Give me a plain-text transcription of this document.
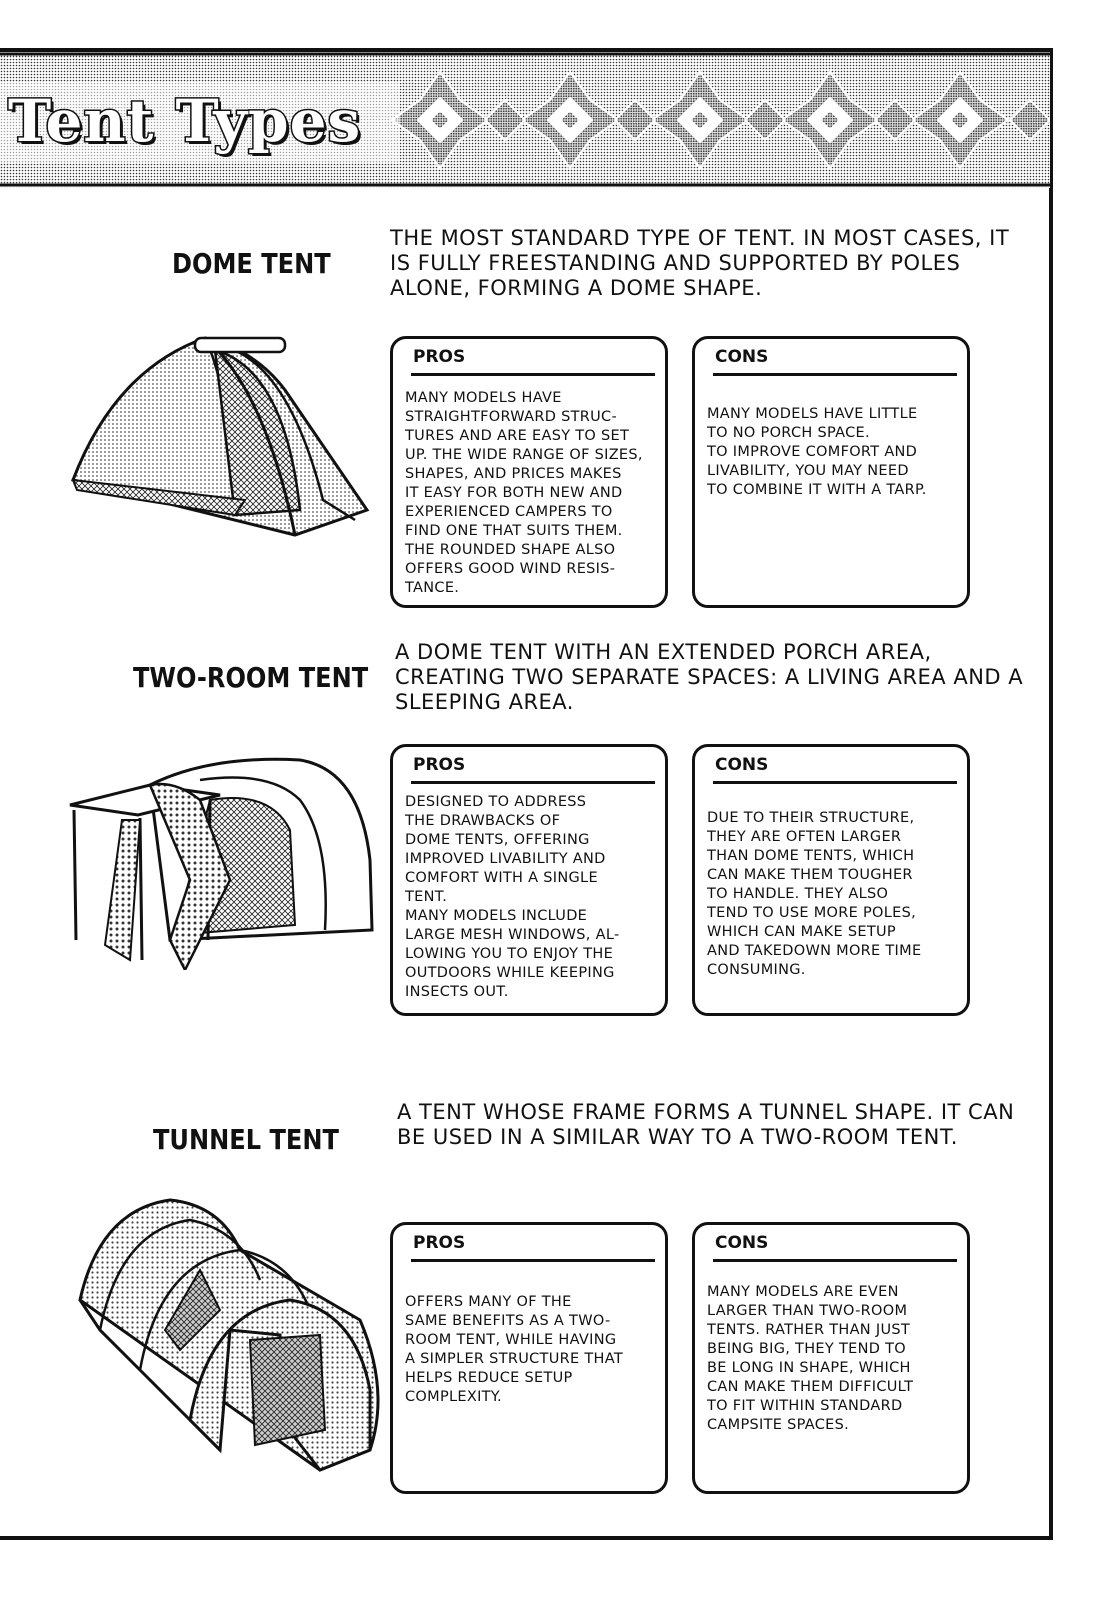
Tent Types
DOME TENT

THE MOST STANDARD TYPE OF TENT. IN MOST CASES, IT IS FULLY FREESTANDING AND SUPPORTED BY POLES ALONE, FORMING A DOME SHAPE.

PROS
MANY MODELS HAVE
STRAIGHTFORWARD STRUC-
TURES AND ARE EASY TO SET
UP. THE WIDE RANGE OF SIZES,
SHAPES, AND PRICES MAKES
IT EASY FOR BOTH NEW AND
EXPERIENCED CAMPERS TO
FIND ONE THAT SUITS THEM.
THE ROUNDED SHAPE ALSO
OFFERS GOOD WIND RESIS-
TANCE.
CONS
MANY MODELS HAVE LITTLE
TO NO PORCH SPACE.
TO IMPROVE COMFORT AND
LIVABILITY, YOU MAY NEED
TO COMBINE IT WITH A TARP.
TWO-ROOM TENT

A DOME TENT WITH AN EXTENDED PORCH AREA, CREATING TWO SEPARATE SPACES: A LIVING AREA AND A SLEEPING AREA.

PROS
DESIGNED TO ADDRESS
THE DRAWBACKS OF
DOME TENTS, OFFERING
IMPROVED LIVABILITY AND
COMFORT WITH A SINGLE
TENT.
MANY MODELS INCLUDE
LARGE MESH WINDOWS, AL-
LOWING YOU TO ENJOY THE
OUTDOORS WHILE KEEPING
INSECTS OUT.
CONS
DUE TO THEIR STRUCTURE,
THEY ARE OFTEN LARGER
THAN DOME TENTS, WHICH
CAN MAKE THEM TOUGHER
TO HANDLE. THEY ALSO
TEND TO USE MORE POLES,
WHICH CAN MAKE SETUP
AND TAKEDOWN MORE TIME
CONSUMING.
TUNNEL TENT

A TENT WHOSE FRAME FORMS A TUNNEL SHAPE. IT CAN BE USED IN A SIMILAR WAY TO A TWO-ROOM TENT.

PROS
OFFERS MANY OF THE
SAME BENEFITS AS A TWO-
ROOM TENT, WHILE HAVING
A SIMPLER STRUCTURE THAT
HELPS REDUCE SETUP
COMPLEXITY.
CONS
MANY MODELS ARE EVEN
LARGER THAN TWO-ROOM
TENTS. RATHER THAN JUST
BEING BIG, THEY TEND TO
BE LONG IN SHAPE, WHICH
CAN MAKE THEM DIFFICULT
TO FIT WITHIN STANDARD
CAMPSITE SPACES.
